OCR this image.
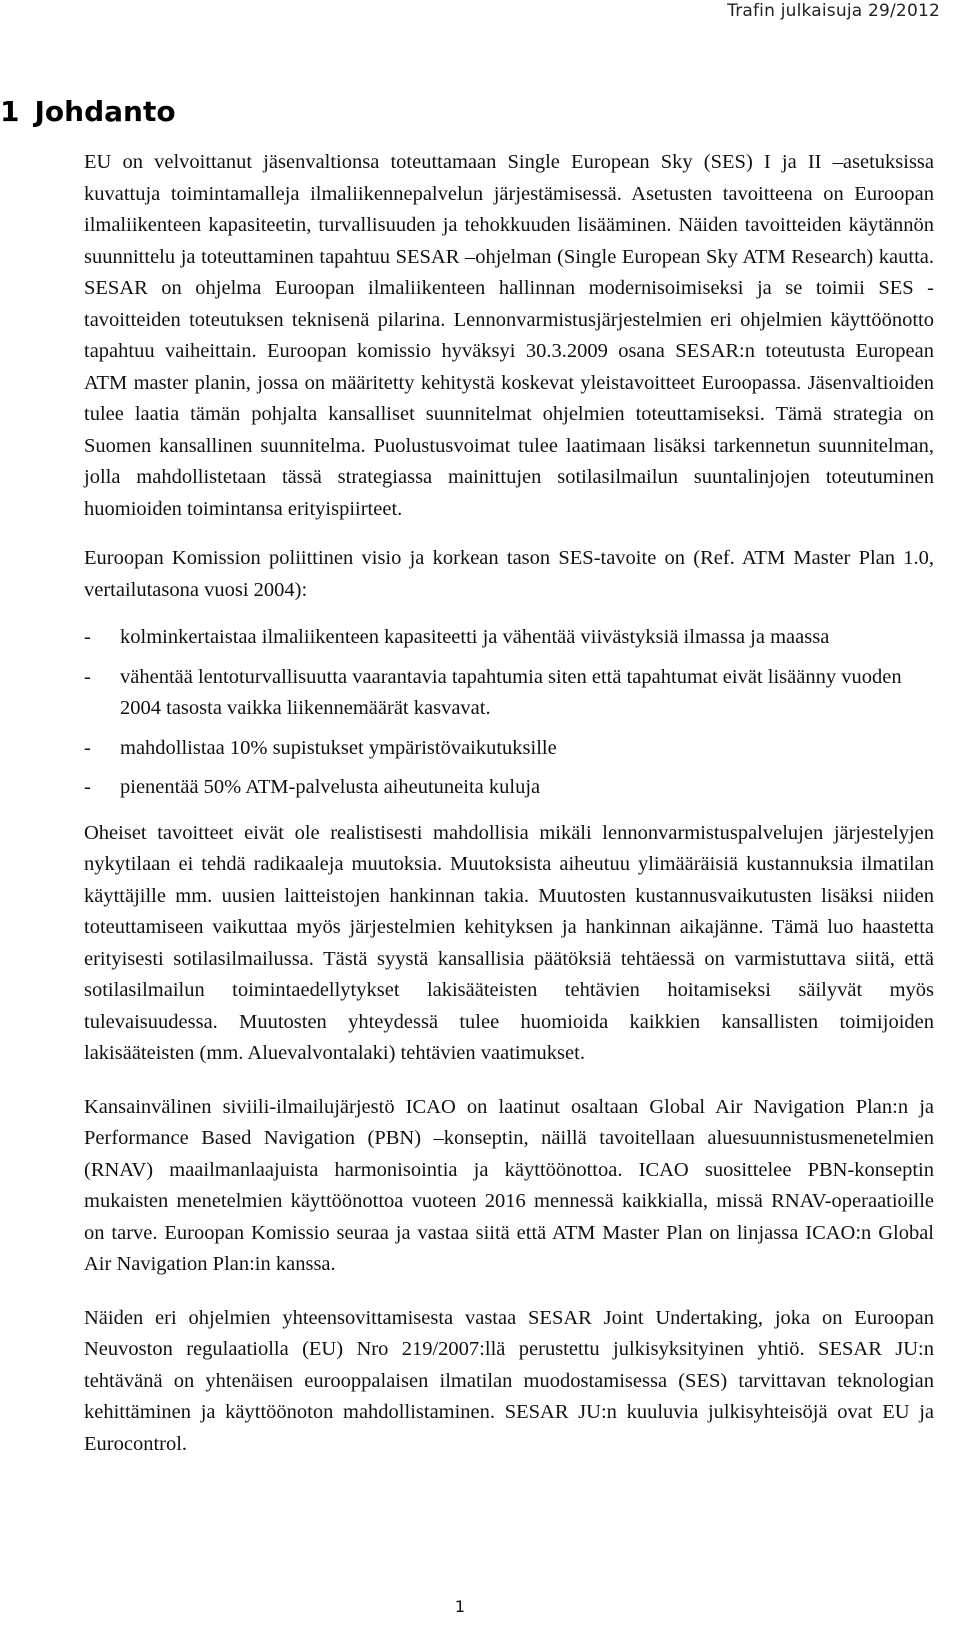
Trafin julkaisuja 29/2012
1 Johdanto

EU on velvoittanut jäsenvaltionsa toteuttamaan Single European Sky (SES) I ja II –asetuksissa kuvattuja toimintamalleja ilmaliikennepalvelun järjestämisessä. Asetusten tavoitteena on Euroopan ilmaliikenteen kapasiteetin, turvallisuuden ja tehokkuuden lisääminen. Näiden tavoitteiden käytännön suunnittelu ja toteuttaminen tapahtuu SESAR –ohjelman (Single European Sky ATM Research) kautta. SESAR on ohjelma Euroopan ilmaliikenteen hallinnan modernisoimiseksi ja se toimii SES -tavoitteiden toteutuksen teknisenä pilarina. Lennonvarmistusjärjestelmien eri ohjelmien käyttöönotto tapahtuu vaiheittain. Euroopan komissio hyväksyi 30.3.2009 osana SESAR:n toteutusta European ATM master planin, jossa on määritetty kehitystä koskevat yleistavoitteet Euroopassa. Jäsenvaltioiden tulee laatia tämän pohjalta kansalliset suunnitelmat ohjelmien toteuttamiseksi. Tämä strategia on Suomen kansallinen suunnitelma. Puolustusvoimat tulee laatimaan lisäksi tarkennetun suunnitelman, jolla mahdollistetaan tässä strategiassa mainittujen sotilasilmailun suuntalinjojen toteutuminen huomioiden toimintansa erityispiirteet.

Euroopan Komission poliittinen visio ja korkean tason SES-tavoite on (Ref. ATM Master Plan 1.0, vertailutasona vuosi 2004):

- kolminkertaistaa ilmaliikenteen kapasiteetti ja vähentää viivästyksiä ilmassa ja maassa
- vähentää lentoturvallisuutta vaarantavia tapahtumia siten että tapahtumat eivät lisäänny vuoden 2004 tasosta vaikka liikennemäärät kasvavat.
- mahdollistaa 10% supistukset ympäristövaikutuksille
- pienentää 50% ATM-palvelusta aiheutuneita kuluja

Oheiset tavoitteet eivät ole realistisesti mahdollisia mikäli lennonvarmistuspalvelujen järjestelyjen nykytilaan ei tehdä radikaaleja muutoksia. Muutoksista aiheutuu ylimääräisiä kustannuksia ilmatilan käyttäjille mm. uusien laitteistojen hankinnan takia. Muutosten kustannusvaikutusten lisäksi niiden toteuttamiseen vaikuttaa myös järjestelmien kehityksen ja hankinnan aikajänne. Tämä luo haastetta erityisesti sotilasilmailussa. Tästä syystä kansallisia päätöksiä tehtäessä on varmistuttava siitä, että sotilasilmailun toimintaedellytykset lakisääteisten tehtävien hoitamiseksi säilyvät myös tulevaisuudessa. Muutosten yhteydessä tulee huomioida kaikkien kansallisten toimijoiden lakisääteisten (mm. Aluevalvontalaki) tehtävien vaatimukset.

Kansainvälinen siviili-ilmailujärjestö ICAO on laatinut osaltaan Global Air Navigation Plan:n ja Performance Based Navigation (PBN) –konseptin, näillä tavoitellaan aluesuunnistusmenetelmien (RNAV) maailmanlaajuista harmonisointia ja käyttöönottoa. ICAO suosittelee PBN-konseptin mukaisten menetelmien käyttöönottoa vuoteen 2016 mennessä kaikkialla, missä RNAV-operaatioille on tarve. Euroopan Komissio seuraa ja vastaa siitä että ATM Master Plan on linjassa ICAO:n Global Air Navigation Plan:in kanssa.

Näiden eri ohjelmien yhteensovittamisesta vastaa SESAR Joint Undertaking, joka on Euroopan Neuvoston regulaatiolla (EU) Nro 219/2007:llä perustettu julkisyksityinen yhtiö. SESAR JU:n tehtävänä on yhtenäisen eurooppalaisen ilmatilan muodostamisessa (SES) tarvittavan teknologian kehittäminen ja käyttöönoton mahdollistaminen. SESAR JU:n kuuluvia julkisyhteisöjä ovat EU ja Eurocontrol.

1
